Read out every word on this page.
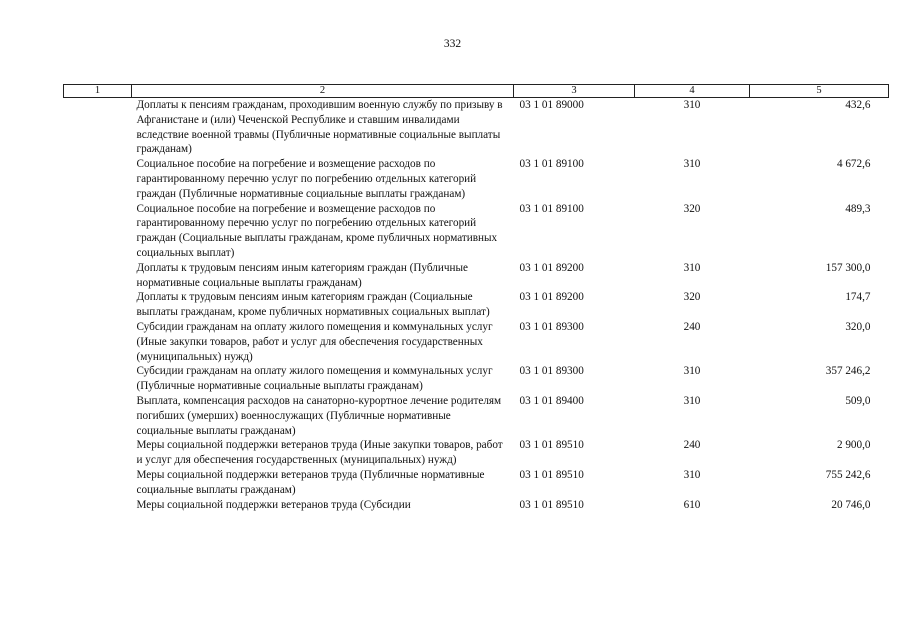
332
1	2	3	4	5
	Доплаты к пенсиям гражданам, проходившим военную службу по призыву в Афганистане и (или) Чеченской Республике и ставшим инвалидами вследствие военной травмы (Публичные нормативные социальные выплаты гражданам)	03 1 01 89000	310	432,6
	Социальное пособие на погребение и возмещение расходов по гарантированному перечню услуг по погребению отдельных категорий граждан (Публичные нормативные социальные выплаты гражданам)	03 1 01 89100	310	4 672,6
	Социальное пособие на погребение и возмещение расходов по гарантированному перечню услуг по погребению отдельных категорий граждан (Социальные выплаты гражданам, кроме публичных нормативных социальных выплат)	03 1 01 89100	320	489,3
	Доплаты к трудовым пенсиям иным категориям граждан (Публичные нормативные социальные выплаты гражданам)	03 1 01 89200	310	157 300,0
	Доплаты к трудовым пенсиям иным категориям граждан (Социальные выплаты гражданам, кроме публичных нормативных социальных выплат)	03 1 01 89200	320	174,7
	Субсидии гражданам на оплату жилого помещения и коммунальных услуг (Иные закупки товаров, работ и услуг для обеспечения государственных (муниципальных) нужд)	03 1 01 89300	240	320,0
	Субсидии гражданам на оплату жилого помещения и коммунальных услуг (Публичные нормативные социальные выплаты гражданам)	03 1 01 89300	310	357 246,2
	Выплата, компенсация расходов на санаторно-курортное лечение родителям погибших (умерших) военнослужащих (Публичные нормативные социальные выплаты гражданам)	03 1 01 89400	310	509,0
	Меры социальной поддержки ветеранов труда (Иные закупки товаров, работ и услуг для обеспечения государственных (муниципальных) нужд)	03 1 01 89510	240	2 900,0
	Меры социальной поддержки ветеранов труда (Публичные нормативные социальные выплаты гражданам)	03 1 01 89510	310	755 242,6
	Меры социальной поддержки ветеранов труда (Субсидии	03 1 01 89510	610	20 746,0
